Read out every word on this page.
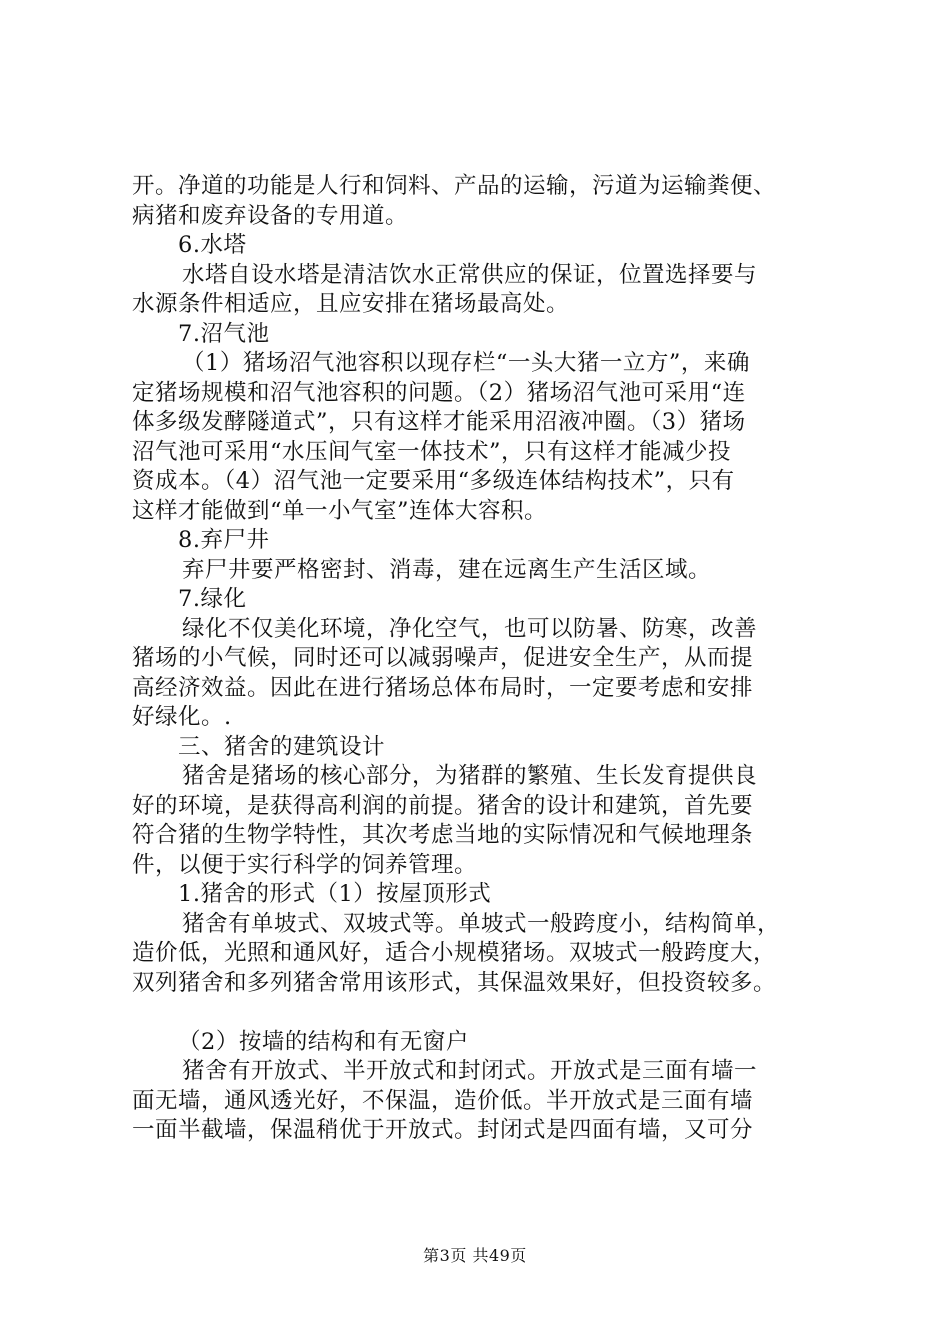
开。净道的功能是人行和饲料、产品的运输，污道为运输粪便、
病猪和废弃设备的专用道。
6.水塔
水塔自设水塔是清洁饮水正常供应的保证，位置选择要与
水源条件相适应，且应安排在猪场最高处。
7.沼气池
（1）猪场沼气池容积以现存栏“一头大猪一立方”，来确
定猪场规模和沼气池容积的问题。（2）猪场沼气池可采用“连
体多级发酵隧道式”，只有这样才能采用沼液冲圈。（3）猪场
沼气池可采用“水压间气室一体技术”，只有这样才能减少投
资成本。（4）沼气池一定要采用“多级连体结构技术”，只有
这样才能做到“单一小气室”连体大容积。
8.弃尸井
弃尸井要严格密封、消毒，建在远离生产生活区域。
7.绿化
绿化不仅美化环境，净化空气，也可以防暑、防寒，改善
猪场的小气候，同时还可以减弱噪声，促进安全生产，从而提
高经济效益。因此在进行猪场总体布局时，一定要考虑和安排
好绿化。.
三、猪舍的建筑设计
猪舍是猪场的核心部分，为猪群的繁殖、生长发育提供良
好的环境，是获得高利润的前提。猪舍的设计和建筑，首先要
符合猪的生物学特性，其次考虑当地的实际情况和气候地理条
件，以便于实行科学的饲养管理。
1.猪舍的形式（1）按屋顶形式
猪舍有单坡式、双坡式等。单坡式一般跨度小，结构简单，
造价低，光照和通风好，适合小规模猪场。双坡式一般跨度大，
双列猪舍和多列猪舍常用该形式，其保温效果好，但投资较多。
（2）按墙的结构和有无窗户
猪舍有开放式、半开放式和封闭式。开放式是三面有墙一
面无墙，通风透光好，不保温，造价低。半开放式是三面有墙
一面半截墙，保温稍优于开放式。封闭式是四面有墙，又可分
第3页 共49页
